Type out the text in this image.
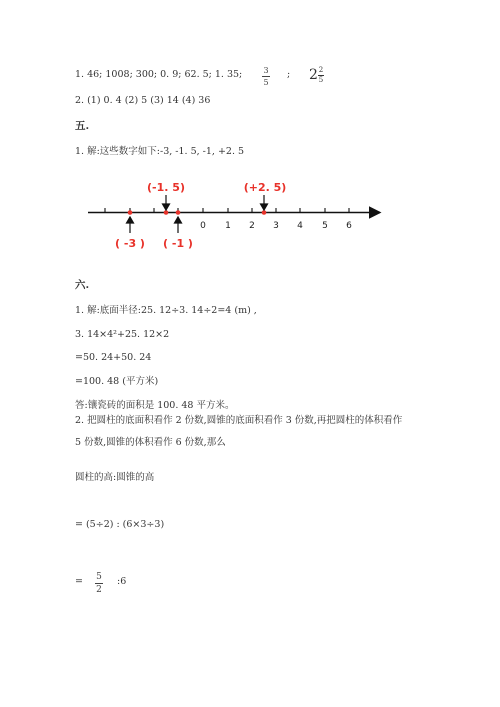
1. 46; 1008; 300; 0. 9; 62. 5; 1. 35;	3
5
; 2 2
5
2. (1) 0. 4 (2) 5 (3) 14 (4) 36
五.
1. 解:这些数字如下:-3, -1. 5, -1, +2. 5
0 1 2 3 4 5 6
(-1. 5)	(+2. 5)
( -3 ) ( -1 )
六.
1. 解:底面半径:25. 12÷3. 14÷2=4 (m) ,
3. 14×4²+25. 12×2
=50. 24+50. 24
=100. 48 (平方米)
答:镶瓷砖的面积是 100. 48 平方米。
2. 把圆柱的底面积看作 2 份数,圆锥的底面积看作 3 份数,再把圆柱的体积看作
5 份数,圆锥的体积看作 6 份数,那么
圆柱的高:圆锥的高
= (5÷2) : (6×3÷3)
= 5
2
:6
